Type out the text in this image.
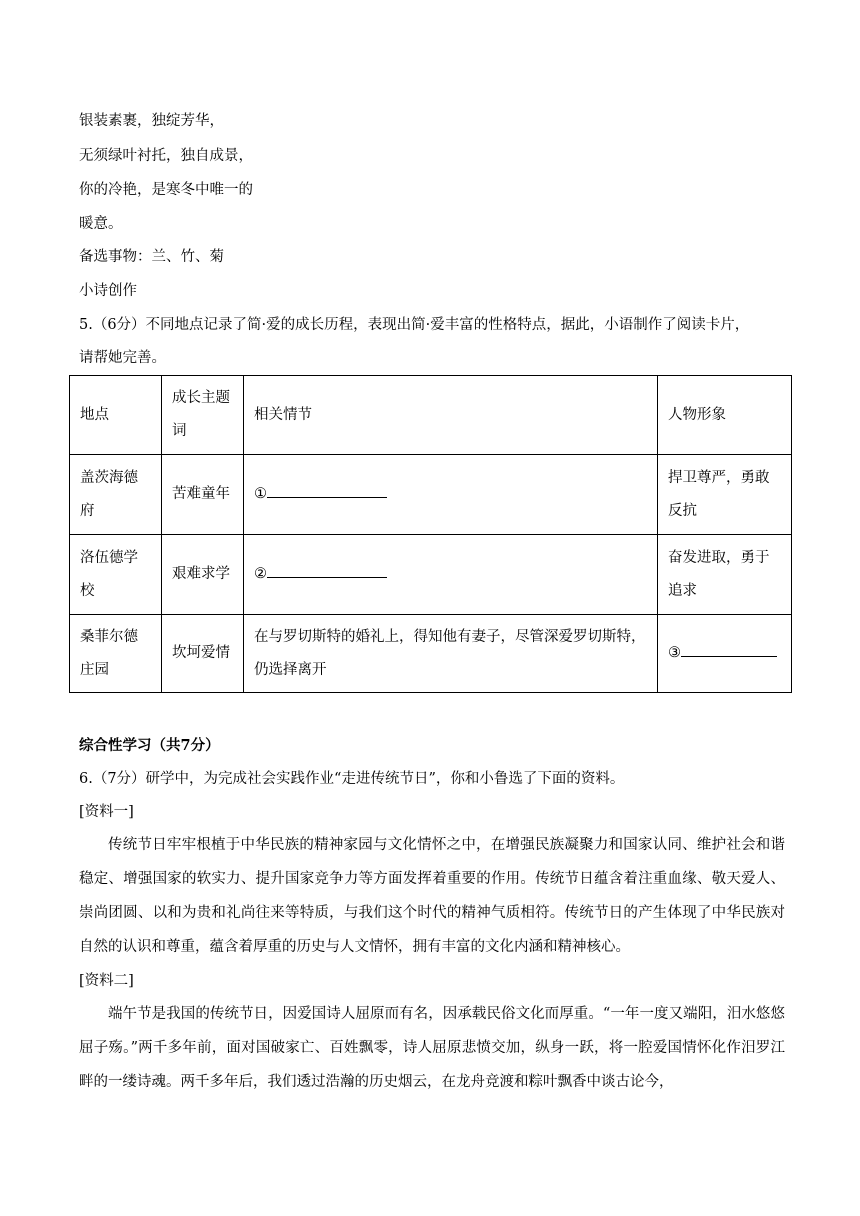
银装素裹，独绽芳华，
无须绿叶衬托，独自成景，
你的冷艳，是寒冬中唯一的
暖意。
备选事物：兰、竹、菊
小诗创作
5.（6分）不同地点记录了简·爱的成长历程，表现出简·爱丰富的性格特点，据此，小语制作了阅读卡片，
请帮她完善。
地点	成长主题词	相关情节	人物形象
盖茨海德府	苦难童年	①	捍卫尊严，勇敢反抗
洛伍德学校	艰难求学	②	奋发进取，勇于追求
桑菲尔德庄园	坎坷爱情	在与罗切斯特的婚礼上，得知他有妻子，尽管深爱罗切斯特，仍选择离开	③
综合性学习（共7分）
6.（7分）研学中，为完成社会实践作业“走进传统节日”，你和小鲁选了下面的资料。
[资料一]
传统节日牢牢根植于中华民族的精神家园与文化情怀之中，在增强民族凝聚力和国家认同、维护社会和谐稳定、增强国家的软实力、提升国家竞争力等方面发挥着重要的作用。传统节日蕴含着注重血缘、敬天爱人、崇尚团圆、以和为贵和礼尚往来等特质，与我们这个时代的精神气质相符。传统节日的产生体现了中华民族对自然的认识和尊重，蕴含着厚重的历史与人文情怀，拥有丰富的文化内涵和精神核心。
[资料二]
端午节是我国的传统节日，因爱国诗人屈原而有名，因承载民俗文化而厚重。“一年一度又端阳，汨水悠悠屈子殇。”两千多年前，面对国破家亡、百姓飘零，诗人屈原悲愤交加，纵身一跃，将一腔爱国情怀化作汨罗江畔的一缕诗魂。两千多年后，我们透过浩瀚的历史烟云，在龙舟竞渡和粽叶飘香中谈古论今，
